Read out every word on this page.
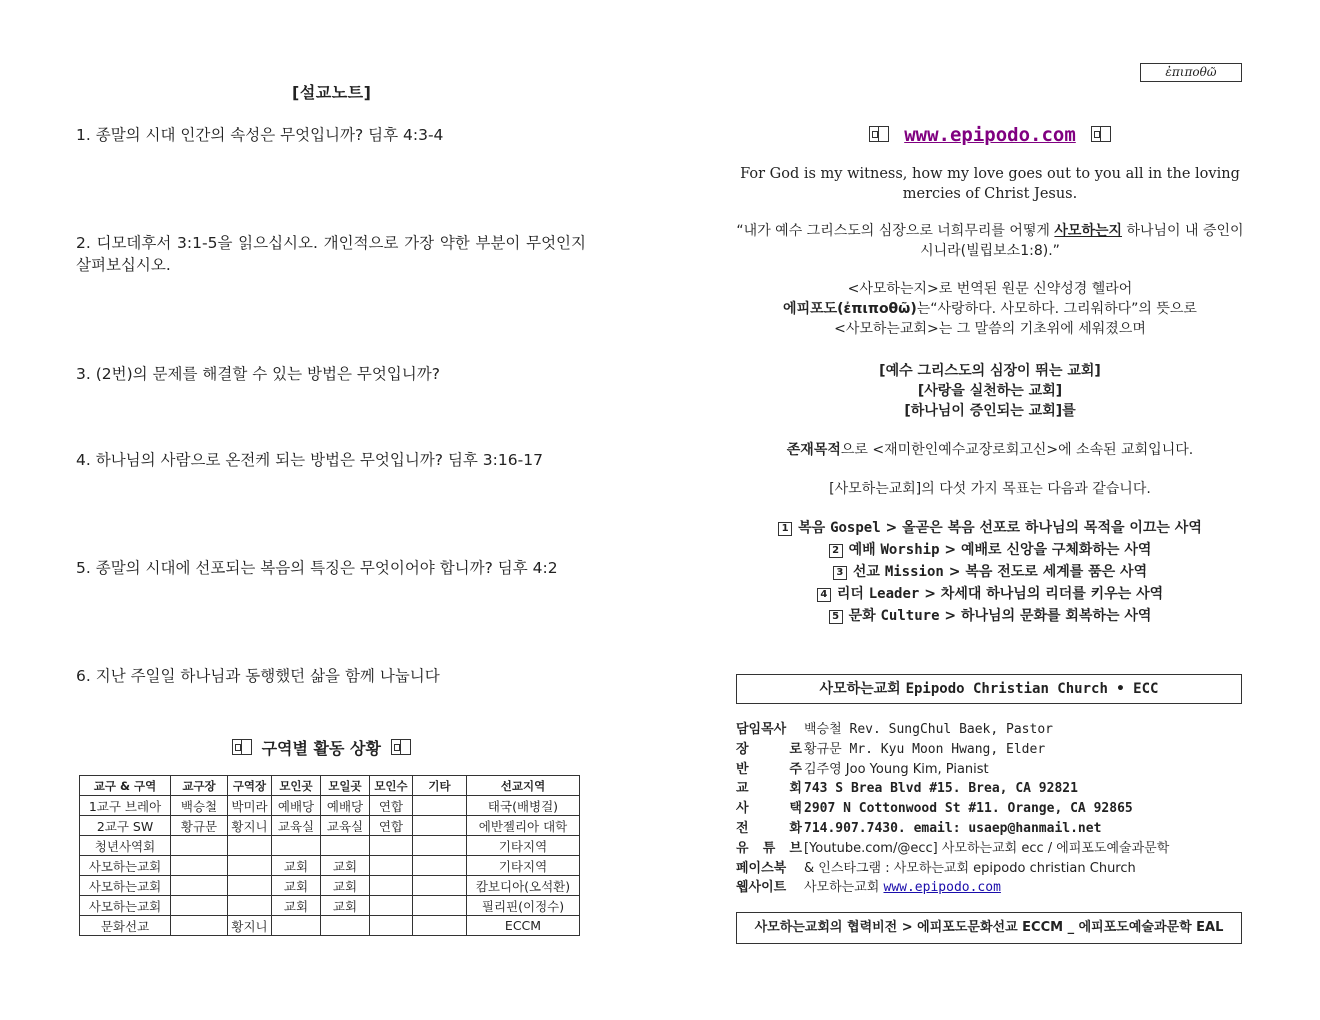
[설교노트]
1. 종말의 시대 인간의 속성은 무엇입니까? 딤후 4:3-4
2. 디모데후서 3:1-5을 읽으십시오. 개인적으로 가장 약한 부분이 무엇인지 살펴보십시오.
3. (2번)의 문제를 해결할 수 있는 방법은 무엇입니까?
4. 하나님의 사람으로 온전케 되는 방법은 무엇입니까? 딤후 3:16-17
5. 종말의 시대에 선포되는 복음의 특징은 무엇이어야 합니까? 딤후 4:2
6. 지난 주일일 하나님과 동행했던 삶을 함께 나눕니다
구역별 활동 상황
교구 & 구역	교구장	구역장	모인곳	모일곳	모인수	기타	선교지역
1교구 브레아	백승철	박미라	예배당	예배당	연합		태국(배병걸)
2교구 SW	황규문	황지니	교육실	교육실	연합		에반젤리아 대학
청년사역회							기타지역
사모하는교회			교회	교회			기타지역
사모하는교회			교회	교회			캄보디아(오석환)
사모하는교회			교회	교회			필리핀(이정수)
문화선교		황지니					ECCM
ἐπιποθῶ
www.epipodo.com
For God is my witness, how my love goes out to you all in the loving mercies of Christ Jesus.
“내가 예수 그리스도의 심장으로 너희무리를 어떻게 사모하는지 하나님이 내 증인이시니라(빌립보소1:8).”
<사모하는지>로 번역된 원문 신약성경 헬라어
에피포도(ἐπιποθῶ)는“사랑하다. 사모하다. 그리워하다”의 뜻으로
<사모하는교회>는 그 말씀의 기초위에 세워졌으며
[예수 그리스도의 심장이 뛰는 교회]
[사랑을 실천하는 교회]
[하나님이 증인되는 교회]를
존재목적으로 <재미한인예수교장로회고신>에 소속된 교회입니다.
[사모하는교회]의 다섯 가지 목표는 다음과 같습니다.
1 복음 Gospel > 올곧은 복음 선포로 하나님의 목적을 이끄는 사역
2 예배 Worship > 예배로 신앙을 구체화하는 사역
3 선교 Mission > 복음 전도로 세계를 품은 사역
4 리더 Leader > 차세대 하나님의 리더를 키우는 사역
5 문화 Culture > 하나님의 문화를 회복하는 사역
사모하는교회 Epipodo Christian Church • ECC
담임목사 백승철 Rev. SungChul Baek, Pastor
장 로 황규문 Mr. Kyu Moon Hwang, Elder
반 주 김주영 Joo Young Kim, Pianist
교 회 743 S Brea Blvd #15. Brea, CA 92821
사 택 2907 N Cottonwood St #11. Orange, CA 92865
전 화 714.907.7430. email: usaep@hanmail.net
유 튜 브 [Youtube.com/@ecc] 사모하는교회 ecc / 에피포도예술과문학
페이스북 & 인스타그램 : 사모하는교회 epipodo christian Church
웹사이트 사모하는교회 www.epipodo.com
사모하는교회의 협력비전 > 에피포도문화선교 ECCM _ 에피포도예술과문학 EAL
